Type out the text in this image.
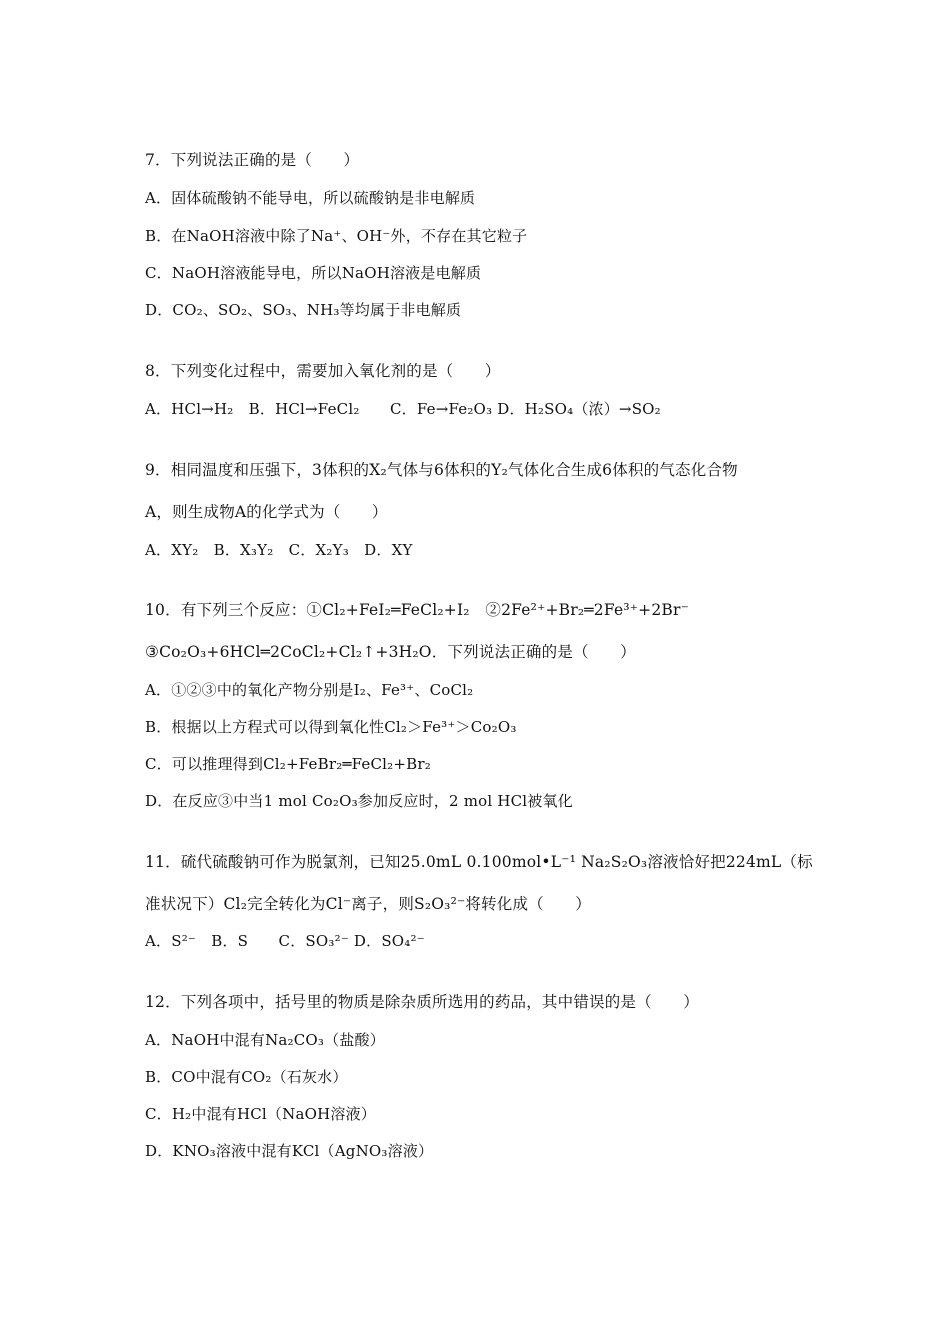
7．下列说法正确的是（　　）
A．固体硫酸钠不能导电，所以硫酸钠是非电解质
B．在NaOH溶液中除了Na⁺、OH⁻外，不存在其它粒子
C．NaOH溶液能导电，所以NaOH溶液是电解质
D．CO₂、SO₂、SO₃、NH₃等均属于非电解质
8．下列变化过程中，需要加入氧化剂的是（　　）
A．HCl→H₂　B．HCl→FeCl₂　　C．Fe→Fe₂O₃ D．H₂SO₄（浓）→SO₂
9．相同温度和压强下，3体积的X₂气体与6体积的Y₂气体化合生成6体积的气态化合物
A，则生成物A的化学式为（　　）
A．XY₂　B．X₃Y₂　C．X₂Y₃　D．XY
10．有下列三个反应：①Cl₂+FeI₂═FeCl₂+I₂　②2Fe²⁺+Br₂═2Fe³⁺+2Br⁻
③Co₂O₃+6HCl═2CoCl₂+Cl₂↑+3H₂O．下列说法正确的是（　　）
A．①②③中的氧化产物分别是I₂、Fe³⁺、CoCl₂
B．根据以上方程式可以得到氧化性Cl₂＞Fe³⁺＞Co₂O₃
C．可以推理得到Cl₂+FeBr₂═FeCl₂+Br₂
D．在反应③中当1 mol Co₂O₃参加反应时，2 mol HCl被氧化
11．硫代硫酸钠可作为脱氯剂，已知25.0mL 0.100mol•L⁻¹ Na₂S₂O₃溶液恰好把224mL（标
准状况下）Cl₂完全转化为Cl⁻离子，则S₂O₃²⁻将转化成（　　）
A．S²⁻　B．S　　C．SO₃²⁻ D．SO₄²⁻
12．下列各项中，括号里的物质是除杂质所选用的药品，其中错误的是（　　）
A．NaOH中混有Na₂CO₃（盐酸）
B．CO中混有CO₂（石灰水）
C．H₂中混有HCl（NaOH溶液）
D．KNO₃溶液中混有KCl（AgNO₃溶液）
